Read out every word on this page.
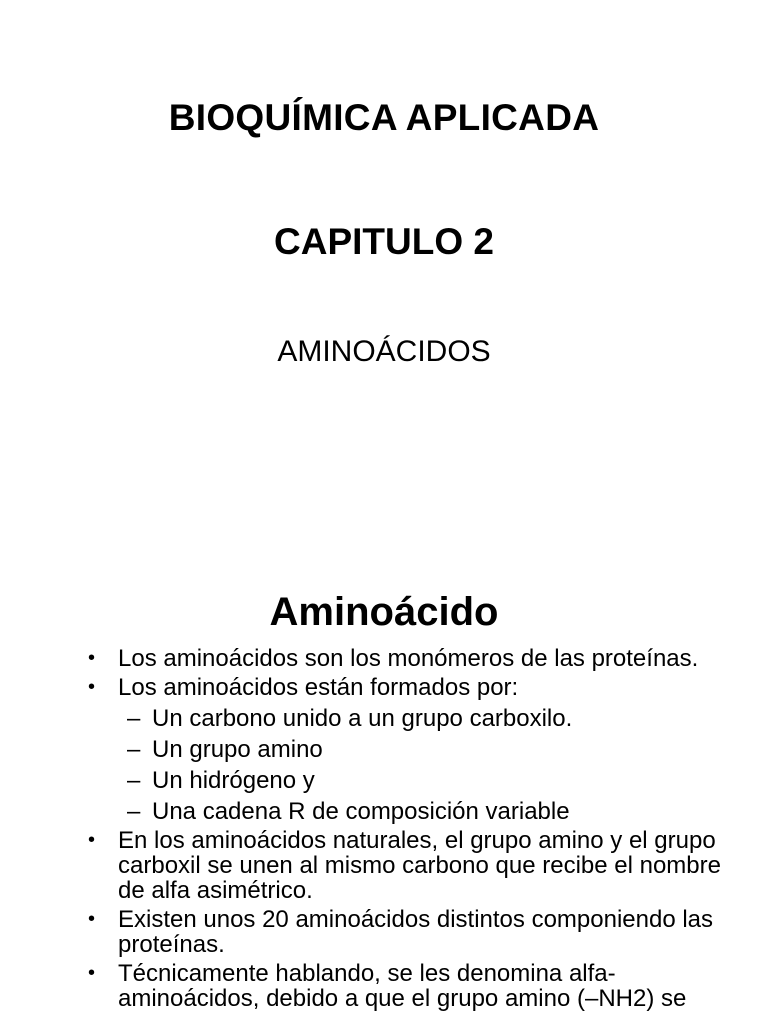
BIOQUÍMICA APLICADA
CAPITULO 2
AMINOÁCIDOS
Aminoácido
• Los aminoácidos son los monómeros de las proteínas.
• Los aminoácidos están formados por:
– Un carbono unido a un grupo carboxilo.
– Un grupo amino
– Un hidrógeno y
– Una cadena R de composición variable
• En los aminoácidos naturales, el grupo amino y el grupo carboxil se unen al mismo carbono que recibe el nombre de alfa asimétrico.
• Existen unos 20 aminoácidos distintos componiendo las proteínas.
• Técnicamente hablando, se les denomina alfa-aminoácidos, debido a que el grupo amino (–NH2) se
